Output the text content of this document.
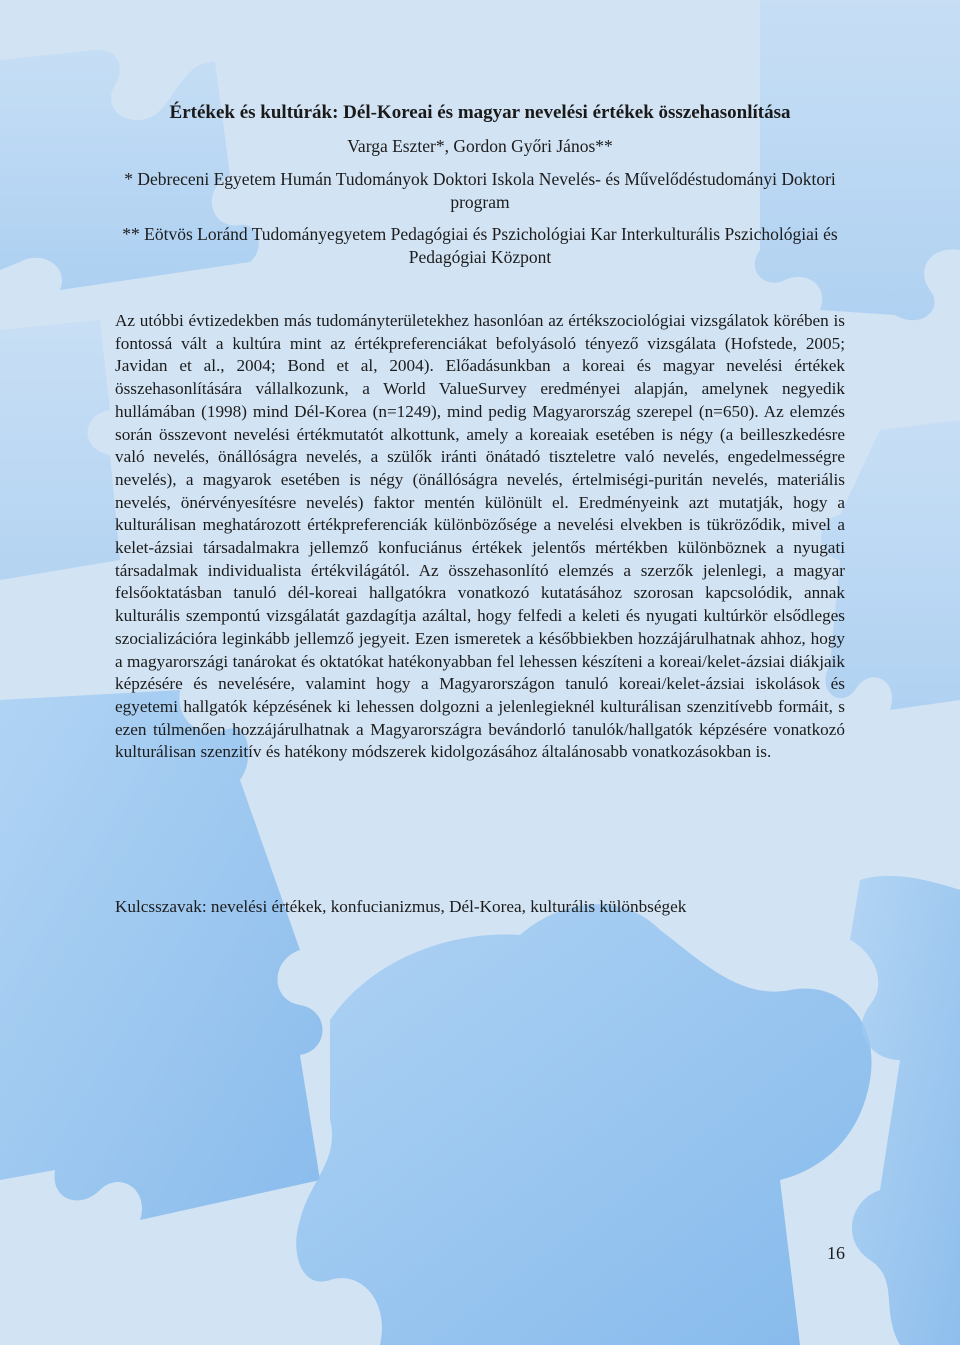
Értékek és kultúrák: Dél-Koreai és magyar nevelési értékek összehasonlítása
Varga Eszter*, Gordon Győri János**
* Debreceni Egyetem Humán Tudományok Doktori Iskola Nevelés- és Művelődéstudományi Doktori program
** Eötvös Loránd Tudományegyetem Pedagógiai és Pszichológiai Kar Interkulturális Pszichológiai és Pedagógiai Központ

Az utóbbi évtizedekben más tudományterületekhez hasonlóan az értékszociológiai vizsgálatok körében is fontossá vált a kultúra mint az értékpreferenciákat befolyásoló tényező vizsgálata (Hofstede, 2005; Javidan et al., 2004; Bond et al, 2004). Előadásunkban a koreai és magyar nevelési értékek összehasonlítására vállalkozunk, a World ValueSurvey eredményei alapján, amelynek negyedik hullámában (1998) mind Dél-Korea (n=1249), mind pedig Magyarország szerepel (n=650). Az elemzés során összevont nevelési értékmutatót alkottunk, amely a koreaiak esetében is négy (a beilleszkedésre való nevelés, önállóságra nevelés, a szülők iránti önátadó tiszteletre való nevelés, engedelmességre nevelés), a magyarok esetében is négy (önállóságra nevelés, értelmiségi-puritán nevelés, materiális nevelés, önérvényesítésre nevelés) faktor mentén különült el. Eredményeink azt mutatják, hogy a kulturálisan meghatározott értékpreferenciák különbözősége a nevelési elvekben is tükröződik, mivel a kelet-ázsiai társadalmakra jellemző konfuciánus értékek jelentős mértékben különböznek a nyugati társadalmak individualista értékvilágától. Az összehasonlító elemzés a szerzők jelenlegi, a magyar felsőoktatásban tanuló dél-koreai hallgatókra vonatkozó kutatásához szorosan kapcsolódik, annak kulturális szempontú vizsgálatát gazdagítja azáltal, hogy felfedi a keleti és nyugati kultúrkör elsődleges szocializációra leginkább jellemző jegyeit. Ezen ismeretek a későbbiekben hozzájárulhatnak ahhoz, hogy a magyarországi tanárokat és oktatókat hatékonyabban fel lehessen készíteni a koreai/kelet-ázsiai diákjaik képzésére és nevelésére, valamint hogy a Magyarországon tanuló koreai/kelet-ázsiai iskolások és egyetemi hallgatók képzésének ki lehessen dolgozni a jelenlegieknél kulturálisan szenzitívebb formáit, s ezen túlmenően hozzájárulhatnak a Magyarországra bevándorló tanulók/hallgatók képzésére vonatkozó kulturálisan szenzitív és hatékony módszerek kidolgozásához általánosabb vonatkozásokban is.

Kulcsszavak: nevelési értékek, konfucianizmus, Dél-Korea, kulturális különbségek

16
